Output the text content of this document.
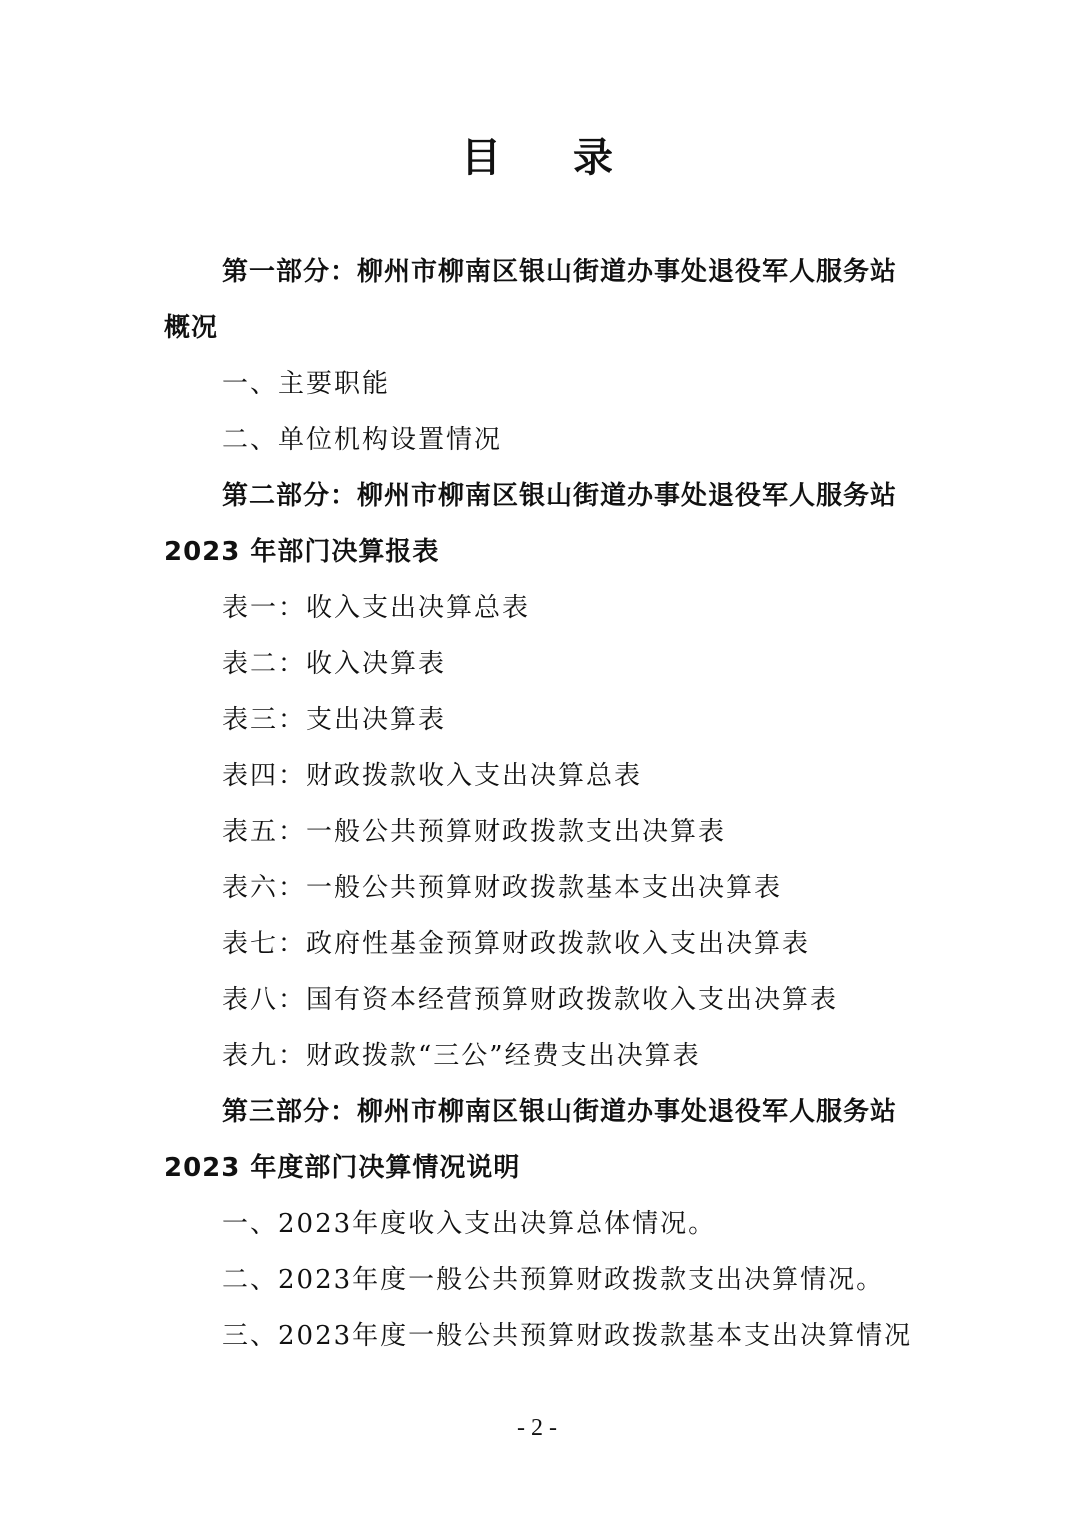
目 录

第一部分：柳州市柳南区银山街道办事处退役军人服务站概况

一、主要职能

二、单位机构设置情况

第二部分：柳州市柳南区银山街道办事处退役军人服务站 2023 年部门决算报表

表一：收入支出决算总表

表二：收入决算表

表三：支出决算表

表四：财政拨款收入支出决算总表

表五：一般公共预算财政拨款支出决算表

表六：一般公共预算财政拨款基本支出决算表

表七：政府性基金预算财政拨款收入支出决算表

表八：国有资本经营预算财政拨款收入支出决算表

表九：财政拨款“三公”经费支出决算表

第三部分：柳州市柳南区银山街道办事处退役军人服务站 2023 年度部门决算情况说明

一、2023年度收入支出决算总体情况。

二、2023年度一般公共预算财政拨款支出决算情况。

三、2023年度一般公共预算财政拨款基本支出决算情况

- 2 -
